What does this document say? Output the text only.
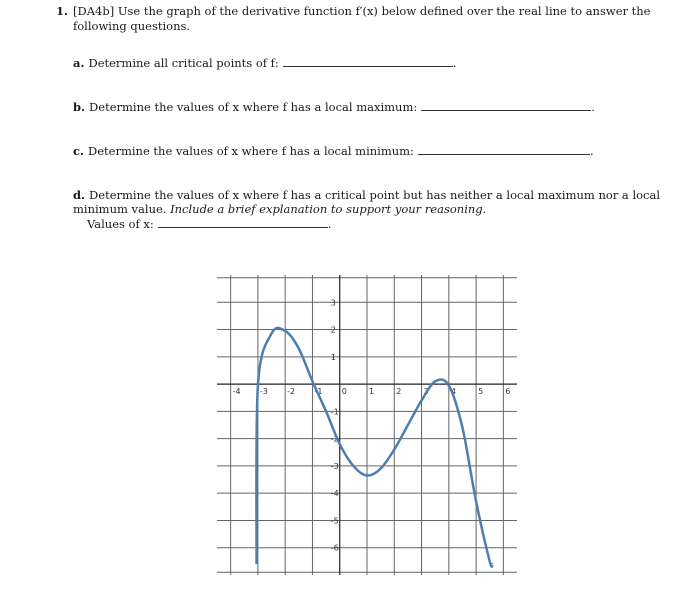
1. [DA4b] Use the graph of the derivative function f′(x) below defined over the real line to answer the following questions.
a. Determine all critical points of f:	.
b. Determine the values of x where f has a local maximum:	.
c. Determine the values of x where f has a local minimum:	.
d. Determine the values of x where f has a critical point but has neither a local maximum nor a local minimum value. Include a brief explanation to support your reasoning.
Values of x:	.
-4 -3 -2 -1 0	1	2	3	4	5	6
3
2
1
-1
-2
-3
-4
-5
-6
